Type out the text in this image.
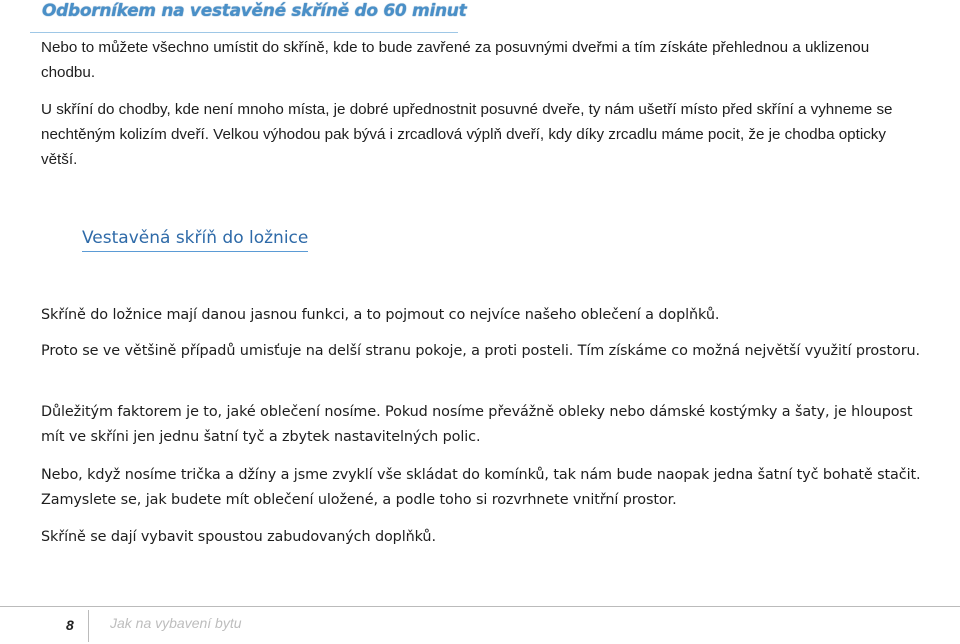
Odborníkem na vestavěné skříně do 60 minut

Nebo to můžete všechno umístit do skříně, kde to bude zavřené za posuvnými dveřmi a tím získáte přehlednou a uklizenou chodbu.

U skříní do chodby, kde není mnoho místa, je dobré upřednostnit posuvné dveře, ty nám ušetří místo před skříní a vyhneme se nechtěným kolizím dveří. Velkou výhodou pak bývá i zrcadlová výplň dveří, kdy díky zrcadlu máme pocit, že je chodba opticky větší.

Vestavěná skříň do ložnice

Skříně do ložnice mají danou jasnou funkci, a to pojmout co nejvíce našeho oblečení a doplňků.

Proto se ve většině případů umisťuje na delší stranu pokoje, a proti posteli. Tím získáme co možná největší využití prostoru.

Důležitým faktorem je to, jaké oblečení nosíme. Pokud nosíme převážně obleky nebo dámské kostýmky a šaty, je hloupost mít ve skříni jen jednu šatní tyč a zbytek nastavitelných polic.

Nebo, když nosíme trička a džíny a jsme zvyklí vše skládat do komínků, tak nám bude naopak jedna šatní tyč bohatě stačit. Zamyslete se, jak budete mít oblečení uložené, a podle toho si rozvrhnete vnitřní prostor.

Skříně se dají vybavit spoustou zabudovaných doplňků.

8	Jak na vybavení bytu
